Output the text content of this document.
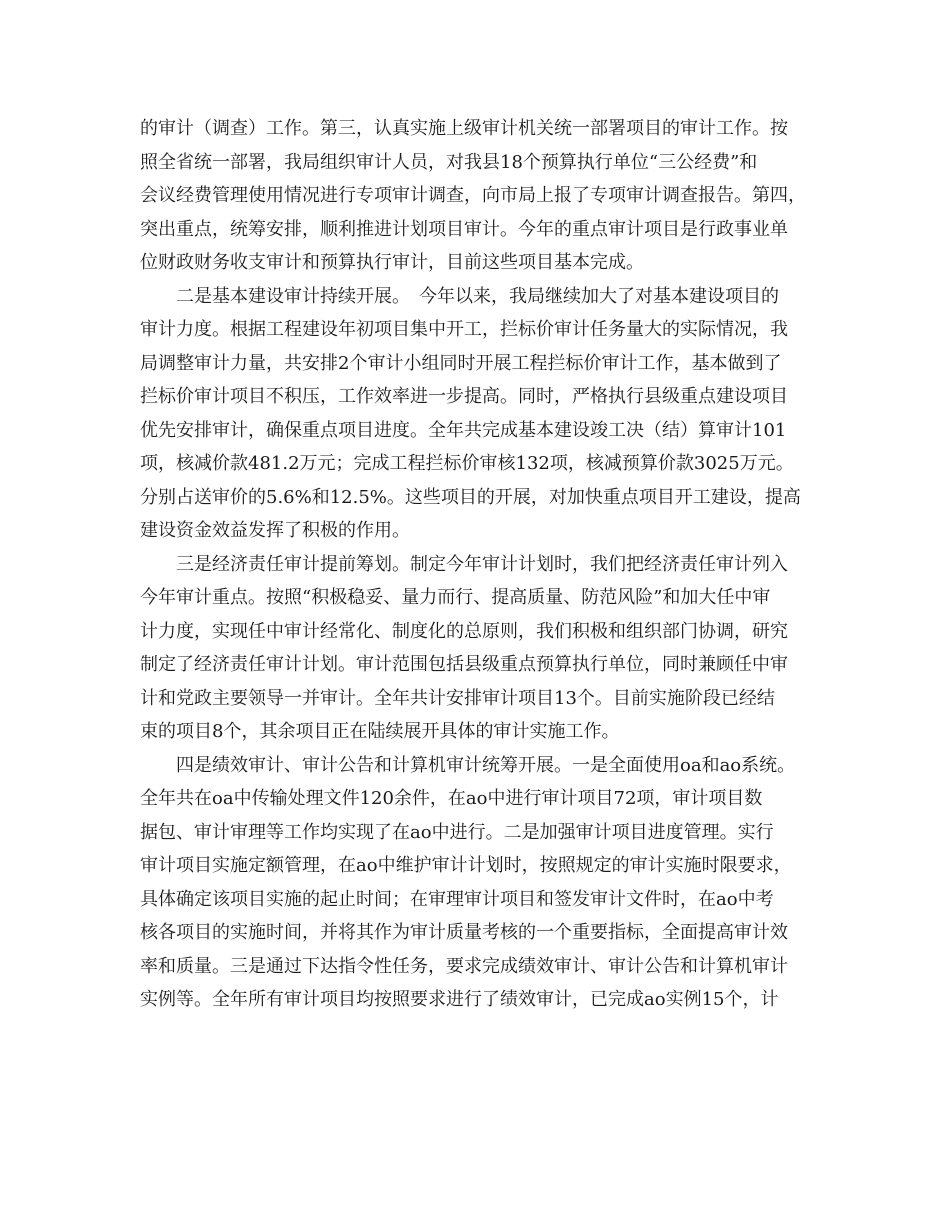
的审计（调查）工作。第三，认真实施上级审计机关统一部署项目的审计工作。按
照全省统一部署，我局组织审计人员，对我县18个预算执行单位“三公经费”和
会议经费管理使用情况进行专项审计调查，向市局上报了专项审计调查报告。第四，
突出重点，统筹安排，顺利推进计划项目审计。今年的重点审计项目是行政事业单
位财政财务收支审计和预算执行审计，目前这些项目基本完成。
　　二是基本建设审计持续开展。　今年以来，我局继续加大了对基本建设项目的
审计力度。根据工程建设年初项目集中开工，拦标价审计任务量大的实际情况，我
局调整审计力量，共安排2个审计小组同时开展工程拦标价审计工作，基本做到了
拦标价审计项目不积压，工作效率进一步提高。同时，严格执行县级重点建设项目
优先安排审计，确保重点项目进度。全年共完成基本建设竣工决（结）算审计101
项，核减价款481.2万元；完成工程拦标价审核132项，核减预算价款3025万元。
分别占送审价的5.6%和12.5%。这些项目的开展，对加快重点项目开工建设，提高
建设资金效益发挥了积极的作用。
　　三是经济责任审计提前筹划。制定今年审计计划时，我们把经济责任审计列入
今年审计重点。按照“积极稳妥、量力而行、提高质量、防范风险”和加大任中审
计力度，实现任中审计经常化、制度化的总原则，我们积极和组织部门协调，研究
制定了经济责任审计计划。审计范围包括县级重点预算执行单位，同时兼顾任中审
计和党政主要领导一并审计。全年共计安排审计项目13个。目前实施阶段已经结
束的项目8个，其余项目正在陆续展开具体的审计实施工作。
　　四是绩效审计、审计公告和计算机审计统筹开展。一是全面使用oa和ao系统。
全年共在oa中传输处理文件120余件，在ao中进行审计项目72项，审计项目数
据包、审计审理等工作均实现了在ao中进行。二是加强审计项目进度管理。实行
审计项目实施定额管理，在ao中维护审计计划时，按照规定的审计实施时限要求，
具体确定该项目实施的起止时间；在审理审计项目和签发审计文件时，在ao中考
核各项目的实施时间，并将其作为审计质量考核的一个重要指标，全面提高审计效
率和质量。三是通过下达指令性任务，要求完成绩效审计、审计公告和计算机审计
实例等。全年所有审计项目均按照要求进行了绩效审计，已完成ao实例15个，计
